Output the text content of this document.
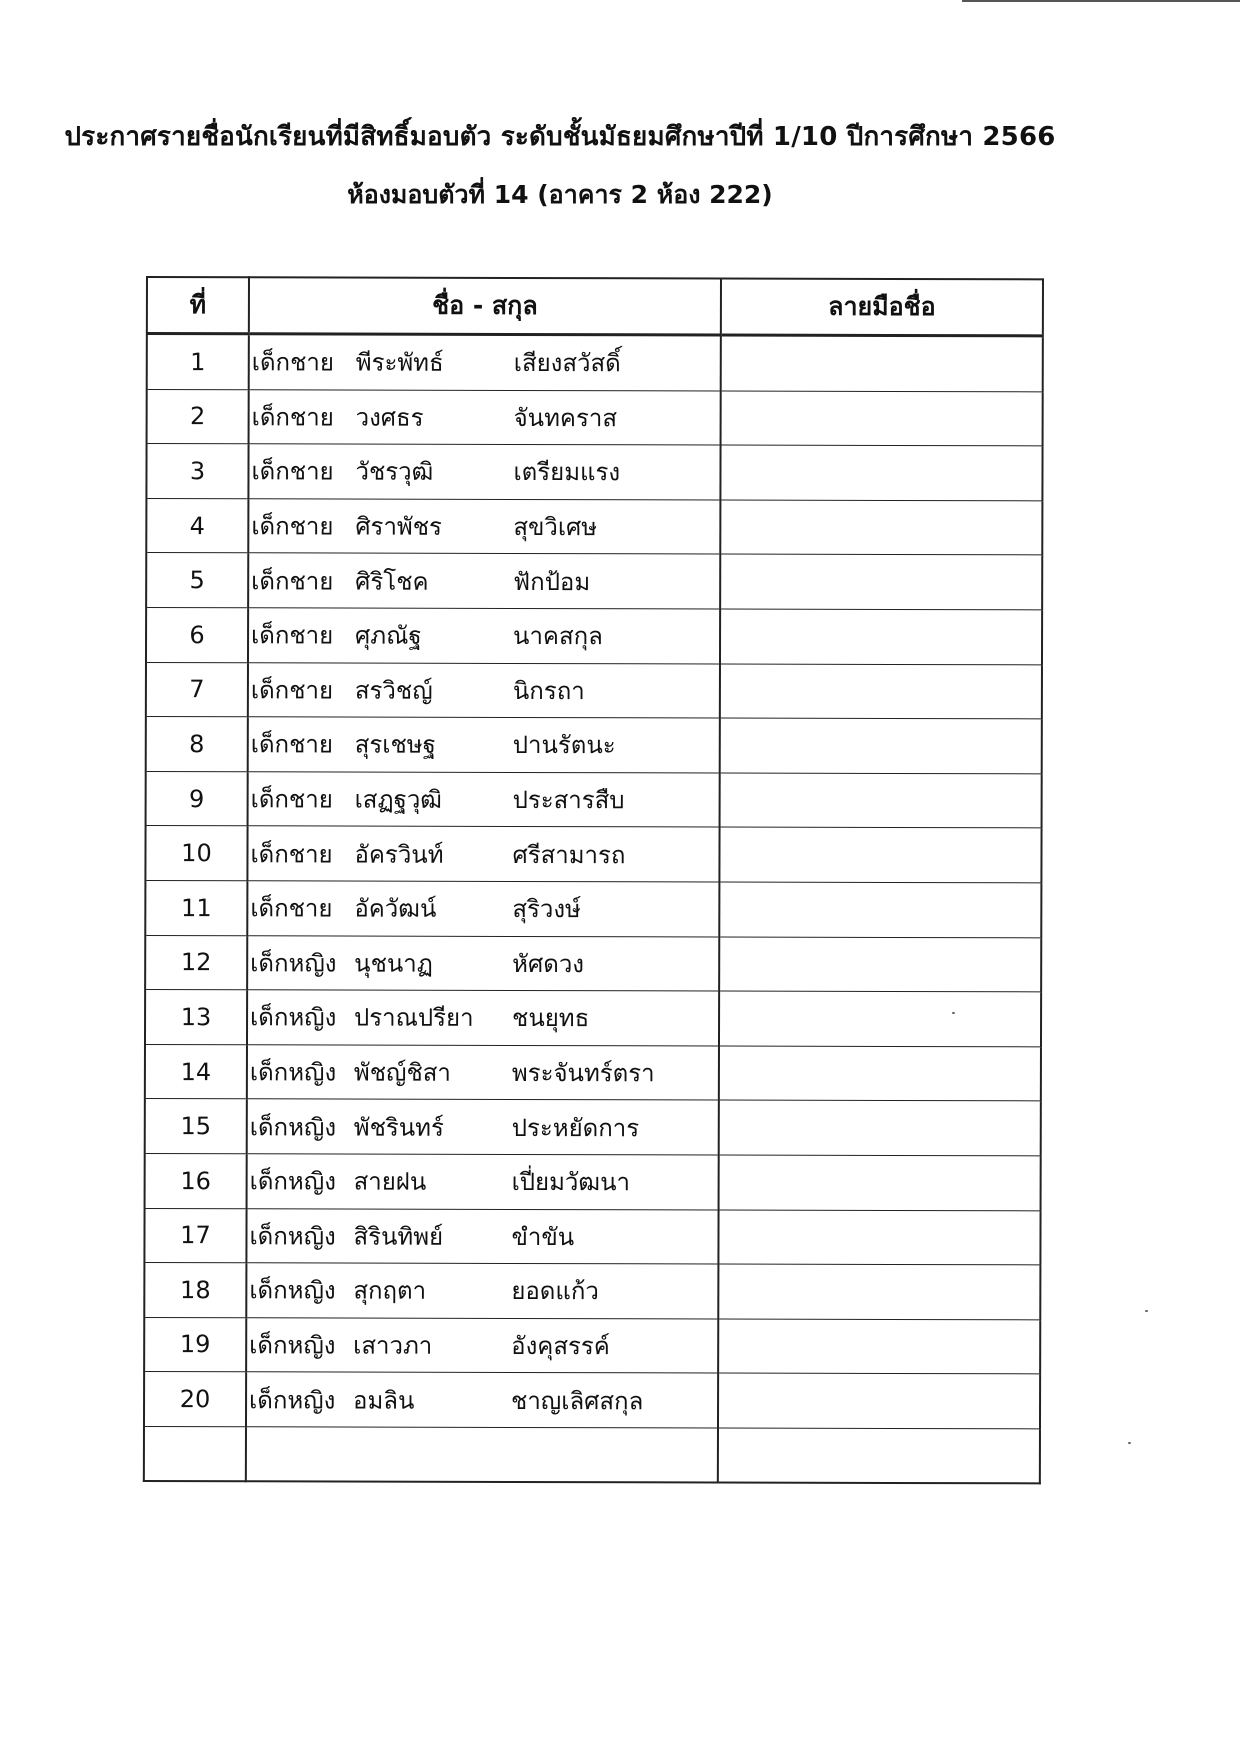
ประกาศรายชื่อนักเรียนที่มีสิทธิ์มอบตัว ระดับชั้นมัธยมศึกษาปีที่ 1/10 ปีการศึกษา 2566
ห้องมอบตัวที่ 14 (อาคาร 2 ห้อง 222)
ที่	ชื่อ - สกุล	ลายมือชื่อ
1	เด็กชาย พีระพัทธ์ เสียงสวัสดิ์	
2	เด็กชาย วงศธร จันทคราส	
3	เด็กชาย วัชรวุฒิ เตรียมแรง	
4	เด็กชาย ศิราพัชร สุขวิเศษ	
5	เด็กชาย ศิริโชค ฟักป้อม	
6	เด็กชาย ศุภณัฐ นาคสกุล	
7	เด็กชาย สรวิชญ์ นิกรถา	
8	เด็กชาย สุรเชษฐ ปานรัตนะ	
9	เด็กชาย เสฏฐวุฒิ ประสารสืบ	
10	เด็กชาย อัครวินท์ ศรีสามารถ	
11	เด็กชาย อัควัฒน์ สุริวงษ์	
12	เด็กหญิง นุชนาฏ หัศดวง	
13	เด็กหญิง ปราณปรียา ชนยุทธ	
14	เด็กหญิง พัชญ์ชิสา พระจันทร์ตรา	
15	เด็กหญิง พัชรินทร์ ประหยัดการ	
16	เด็กหญิง สายฝน เปี่ยมวัฒนา	
17	เด็กหญิง สิรินทิพย์ ขำขัน	
18	เด็กหญิง สุกฤตา ยอดแก้ว	
19	เด็กหญิง เสาวภา อังคุสรรค์	
20	เด็กหญิง อมลิน ชาญเลิศสกุล	
